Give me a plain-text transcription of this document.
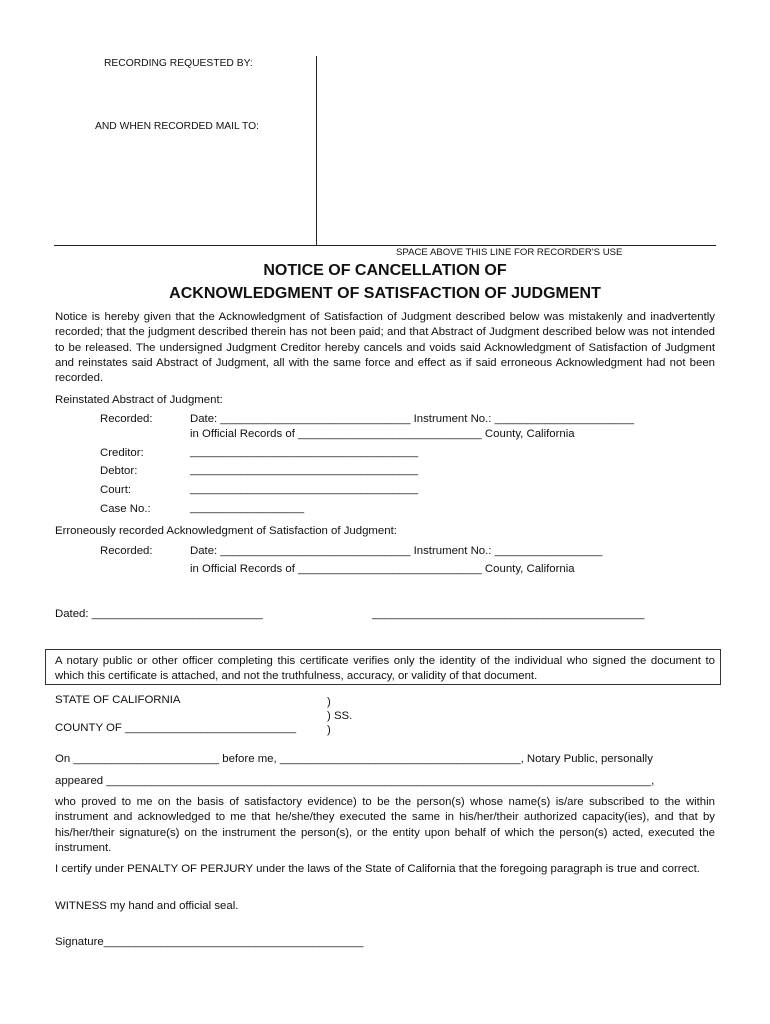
RECORDING REQUESTED BY:
AND WHEN RECORDED MAIL TO:
SPACE ABOVE THIS LINE FOR RECORDER'S USE
NOTICE OF CANCELLATION OF
ACKNOWLEDGMENT OF SATISFACTION OF JUDGMENT
Notice is hereby given that the Acknowledgment of Satisfaction of Judgment described below was mistakenly and inadvertently recorded; that the judgment described therein has not been paid; and that Abstract of Judgment described below was not intended to be released. The undersigned Judgment Creditor hereby cancels and voids said Acknowledgment of Satisfaction of Judgment and reinstates said Abstract of Judgment, all with the same force and effect as if said erroneous Acknowledgment had not been recorded.
Reinstated Abstract of Judgment:
Recorded:	Date: ______________________________ Instrument No.: ______________________
in Official Records of _____________________________ County, California
Creditor:	____________________________________
Debtor:	____________________________________
Court:	____________________________________
Case No.:	__________________
Erroneously recorded Acknowledgment of Satisfaction of Judgment:
Recorded:	Date: ______________________________ Instrument No.: _________________
in Official Records of _____________________________ County, California
Dated: ___________________________	___________________________________________
A notary public or other officer completing this certificate verifies only the identity of the individual who signed the document to which this certificate is attached, and not the truthfulness, accuracy, or validity of that document.
STATE OF CALIFORNIA	)
) SS.
COUNTY OF ___________________________	)
On _______________________ before me, ______________________________________, Notary Public, personally
appeared ______________________________________________________________________________________,
who proved to me on the basis of satisfactory evidence) to be the person(s) whose name(s) is/are subscribed to the within instrument and acknowledged to me that he/she/they executed the same in his/her/their authorized capacity(ies), and that by his/her/their signature(s) on the instrument the person(s), or the entity upon behalf of which the person(s) acted, executed the instrument.
I certify under PENALTY OF PERJURY under the laws of the State of California that the foregoing paragraph is true and correct.
WITNESS my hand and official seal.
Signature_________________________________________
